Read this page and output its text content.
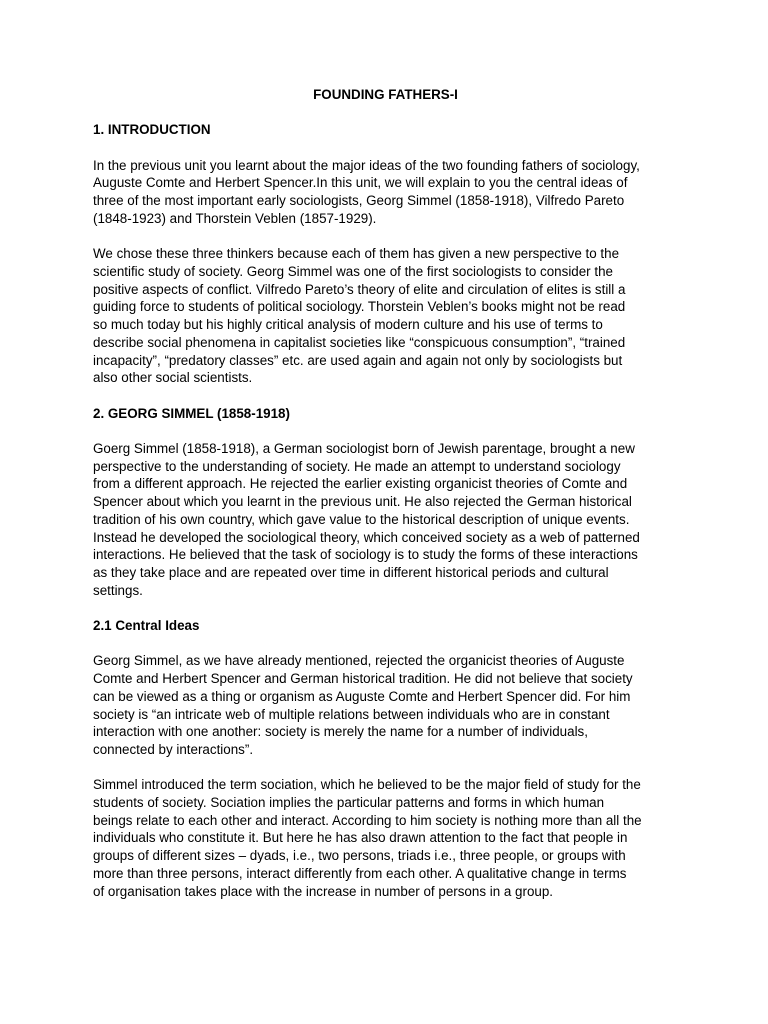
FOUNDING FATHERS-I
1. INTRODUCTION
In the previous unit you learnt about the major ideas of the two founding fathers of sociology,
Auguste Comte and Herbert Spencer.In this unit, we will explain to you the central ideas of
three of the most important early sociologists, Georg Simmel (1858-1918), Vilfredo Pareto
(1848-1923) and Thorstein Veblen (1857-1929).
We chose these three thinkers because each of them has given a new perspective to the
scientific study of society. Georg Simmel was one of the first sociologists to consider the
positive aspects of conflict. Vilfredo Pareto’s theory of elite and circulation of elites is still a
guiding force to students of political sociology. Thorstein Veblen’s books might not be read
so much today but his highly critical analysis of modern culture and his use of terms to
describe social phenomena in capitalist societies like “conspicuous consumption”, “trained
incapacity”, “predatory classes” etc. are used again and again not only by sociologists but
also other social scientists.
2. GEORG SIMMEL (1858-1918)
Goerg Simmel (1858-1918), a German sociologist born of Jewish parentage, brought a new
perspective to the understanding of society. He made an attempt to understand sociology
from a different approach. He rejected the earlier existing organicist theories of Comte and
Spencer about which you learnt in the previous unit. He also rejected the German historical
tradition of his own country, which gave value to the historical description of unique events.
Instead he developed the sociological theory, which conceived society as a web of patterned
interactions. He believed that the task of sociology is to study the forms of these interactions
as they take place and are repeated over time in different historical periods and cultural
settings.
2.1 Central Ideas
Georg Simmel, as we have already mentioned, rejected the organicist theories of Auguste
Comte and Herbert Spencer and German historical tradition. He did not believe that society
can be viewed as a thing or organism as Auguste Comte and Herbert Spencer did. For him
society is “an intricate web of multiple relations between individuals who are in constant
interaction with one another: society is merely the name for a number of individuals,
connected by interactions”.
Simmel introduced the term sociation, which he believed to be the major field of study for the
students of society. Sociation implies the particular patterns and forms in which human
beings relate to each other and interact. According to him society is nothing more than all the
individuals who constitute it. But here he has also drawn attention to the fact that people in
groups of different sizes – dyads, i.e., two persons, triads i.e., three people, or groups with
more than three persons, interact differently from each other. A qualitative change in terms
of organisation takes place with the increase in number of persons in a group.
